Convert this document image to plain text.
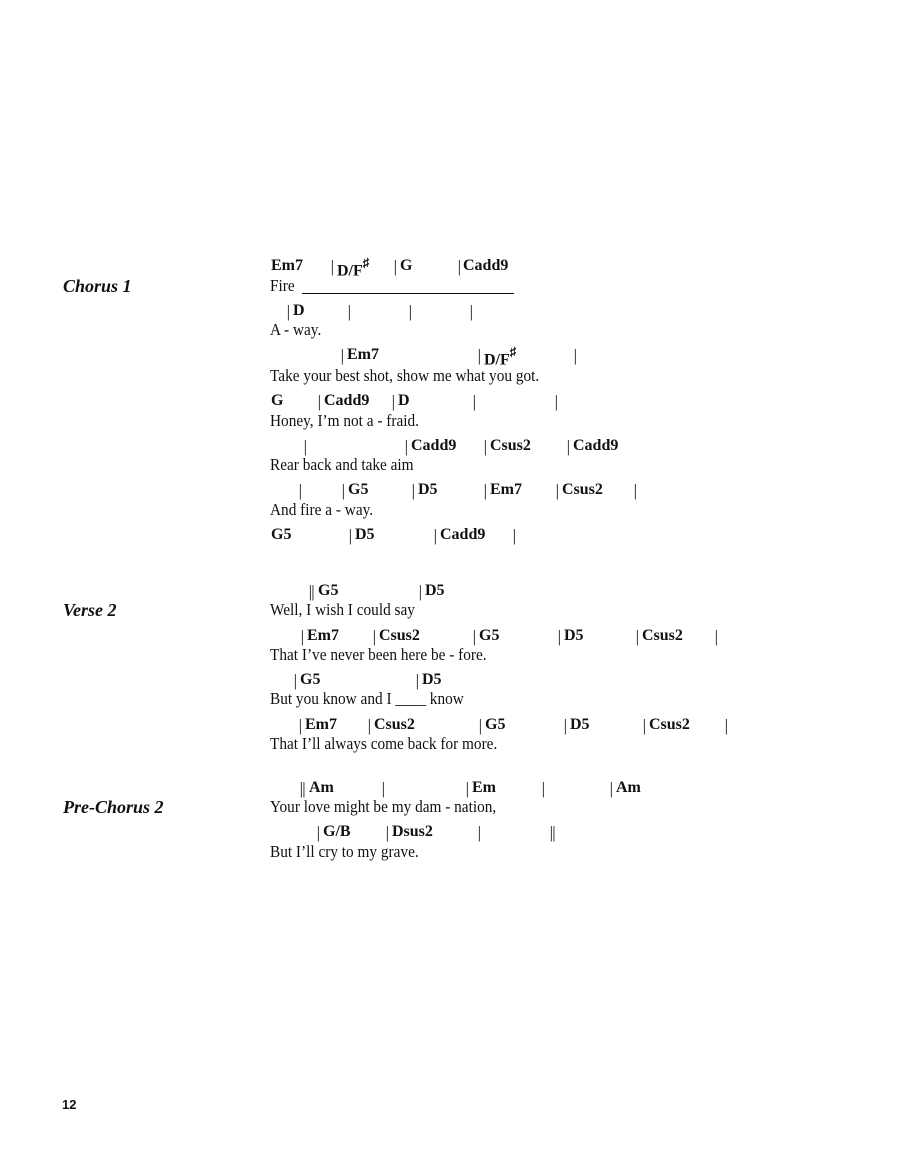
Chorus 1
Verse 2
Pre-Chorus 2
Em7 | D/F♯ | G	| Cadd9
Fire
| D	|	|	|
A - way.
| Em7	| D/F♯	|
Take your best shot, show me what you got.
G | Cadd9 | D	|	|
Honey, I’m not a - fraid.
|	| Cadd9 | Csus2 | Cadd9
Rear back and take aim
| | G5	| D5	| Em7 | Csus2 |
And fire a - way.
G5	| D5	| Cadd9 |
|| G5	| D5
Well, I wish I could say
| Em7 | Csus2	| G5	| D5	| Csus2 |
That I’ve never been here be - fore.
| G5	| D5
But you know and I ____ know
| Em7 | Csus2	| G5	| D5	| Csus2 |
That I’ll always come back for more.
|| Am	|	| Em	|	| Am
Your love might be my dam - nation,
| G/B | Dsus2	|	||
But I’ll cry to my grave.
12
